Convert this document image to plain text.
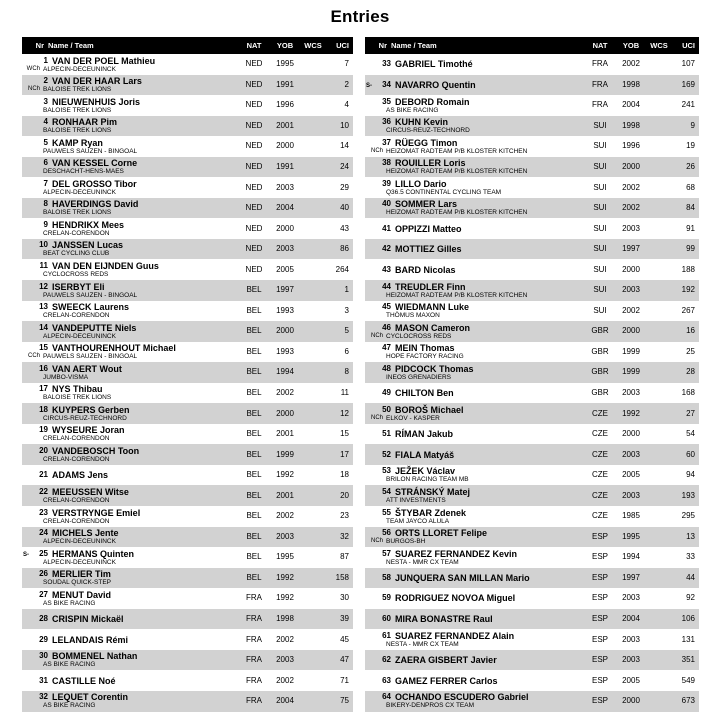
Entries
Nr Name / Team	NAT	YOB	WCS	UCI
1 VAN DER POEL Mathieu
WCh ALPECIN-DECEUNINCK
NED	1995	7
2 VAN DER HAAR Lars
NCh BALOISE TREK LIONS
NED	1991	2
3 NIEUWENHUIS Joris
BALOISE TREK LIONS
NED	1996	4
4 RONHAAR Pim
BALOISE TREK LIONS
NED	2001	10
5 KAMP Ryan
PAUWELS SAUZEN - BINGOAL
NED	2000	14
6 VAN KESSEL Corne
DESCHACHT-HENS-MAES
NED	1991	24
7 DEL GROSSO Tibor
ALPECIN-DECEUNINCK
NED	2003	29
8 HAVERDINGS David
BALOISE TREK LIONS
NED	2004	40
9 HENDRIKX Mees
CRELAN-CORENDON
NED	2000	43
10 JANSSEN Lucas
BEAT CYCLING CLUB
NED	2003	86
11 VAN DEN EIJNDEN Guus
CYCLOCROSS REDS
NED	2005	264
12 ISERBYT Eli
PAUWELS SAUZEN - BINGOAL
BEL	1997	1
13 SWEECK Laurens
CRELAN-CORENDON
BEL	1993	3
14 VANDEPUTTE Niels
ALPECIN-DECEUNINCK
BEL	2000	5
15 VANTHOURENHOUT Michael
CCh PAUWELS SAUZEN - BINGOAL
BEL	1993	6
16 VAN AERT Wout
JUMBO-VISMA
BEL	1994	8
17 NYS Thibau
BALOISE TREK LIONS
BEL	2002	11
18 KUYPERS Gerben
CIRCUS-REUZ-TECHNORD
BEL	2000	12
19 WYSEURE Joran
CRELAN-CORENDON
BEL	2001	15
20 VANDEBOSCH Toon
CRELAN-CORENDON
BEL	1999	17
21 ADAMS Jens	BEL	1992	18
22 MEEUSSEN Witse
CRELAN-CORENDON
BEL	2001	20
23 VERSTRYNGE Emiel
CRELAN-CORENDON
BEL	2002	23
24 MICHELS Jente
ALPECIN-DECEUNINCK
BEL	2003	32
S- 25 HERMANS Quinten
ALPECIN-DECEUNINCK
BEL	1995	87
26 MERLIER Tim
SOUDAL QUICK-STEP
BEL	1992	158
27 MENUT David
AS BIKE RACING
FRA	1992	30
28 CRISPIN Mickaël	FRA	1998	39
29 LELANDAIS Rémi	FRA	2002	45
30 BOMMENEL Nathan
AS BIKE RACING
FRA	2003	47
31 CASTILLE Noé	FRA	2002	71
32 LEQUET Corentin
AS BIKE RACING
FRA	2004	75
Nr Name / Team	NAT	YOB	WCS	UCI
33 GABRIEL Timothé	FRA	2002	107
S- 34 NAVARRO Quentin	FRA	1998	169
35 DEBORD Romain
AS BIKE RACING
FRA	2004	241
36 KUHN Kevin
CIRCUS-REUZ-TECHNORD
SUI	1998	9
37 RÜEGG Timon
NCh HEIZOMAT RADTEAM P/B KLOSTER KITCHEN
SUI	1996	19
38 ROUILLER Loris
HEIZOMAT RADTEAM P/B KLOSTER KITCHEN
SUI	2000	26
39 LILLO Dario
Q36.5 CONTINENTAL CYCLING TEAM
SUI	2002	68
40 SOMMER Lars
HEIZOMAT RADTEAM P/B KLOSTER KITCHEN
SUI	2002	84
41 OPPIZZI Matteo	SUI	2003	91
42 MOTTIEZ Gilles	SUI	1997	99
43 BARD Nicolas	SUI	2000	188
44 TREUDLER Finn
HEIZOMAT RADTEAM P/B KLOSTER KITCHEN
SUI	2003	192
45 WIEDMANN Luke
THÖMUS MAXON
SUI	2002	267
46 MASON Cameron
NCh CYCLOCROSS REDS
GBR	2000	16
47 MEIN Thomas
HOPE FACTORY RACING
GBR	1999	25
48 PIDCOCK Thomas
INEOS GRENADIERS
GBR	1999	28
49 CHILTON Ben	GBR	2003	168
50 BOROŠ Michael
NCh ELKOV - KASPER
CZE	1992	27
51 RÍMAN Jakub	CZE	2000	54
52 FIALA Matyáš	CZE	2003	60
53 JEŽEK Václav
BRILON RACING TEAM MB
CZE	2005	94
54 STRÁNSKÝ Matej
ATT INVESTMENTS
CZE	2003	193
55 ŠTYBAR Zdenek
TEAM JAYCO ALULA
CZE	1985	295
56 ORTS LLORET Felipe
NCh BURGOS-BH
ESP	1995	13
57 SUAREZ FERNANDEZ Kevin
NESTA - MMR CX TEAM
ESP	1994	33
58 JUNQUERA SAN MILLAN Mario	ESP	1997	44
59 RODRIGUEZ NOVOA Miguel	ESP	2003	92
60 MIRA BONASTRE Raul	ESP	2004	106
61 SUAREZ FERNANDEZ Alain
NESTA - MMR CX TEAM
ESP	2003	131
62 ZAERA GISBERT Javier	ESP	2003	351
63 GAMEZ FERRER Carlos	ESP	2005	549
64 OCHANDO ESCUDERO Gabriel
BIKERY-DENPROS CX TEAM
ESP	2000	673
